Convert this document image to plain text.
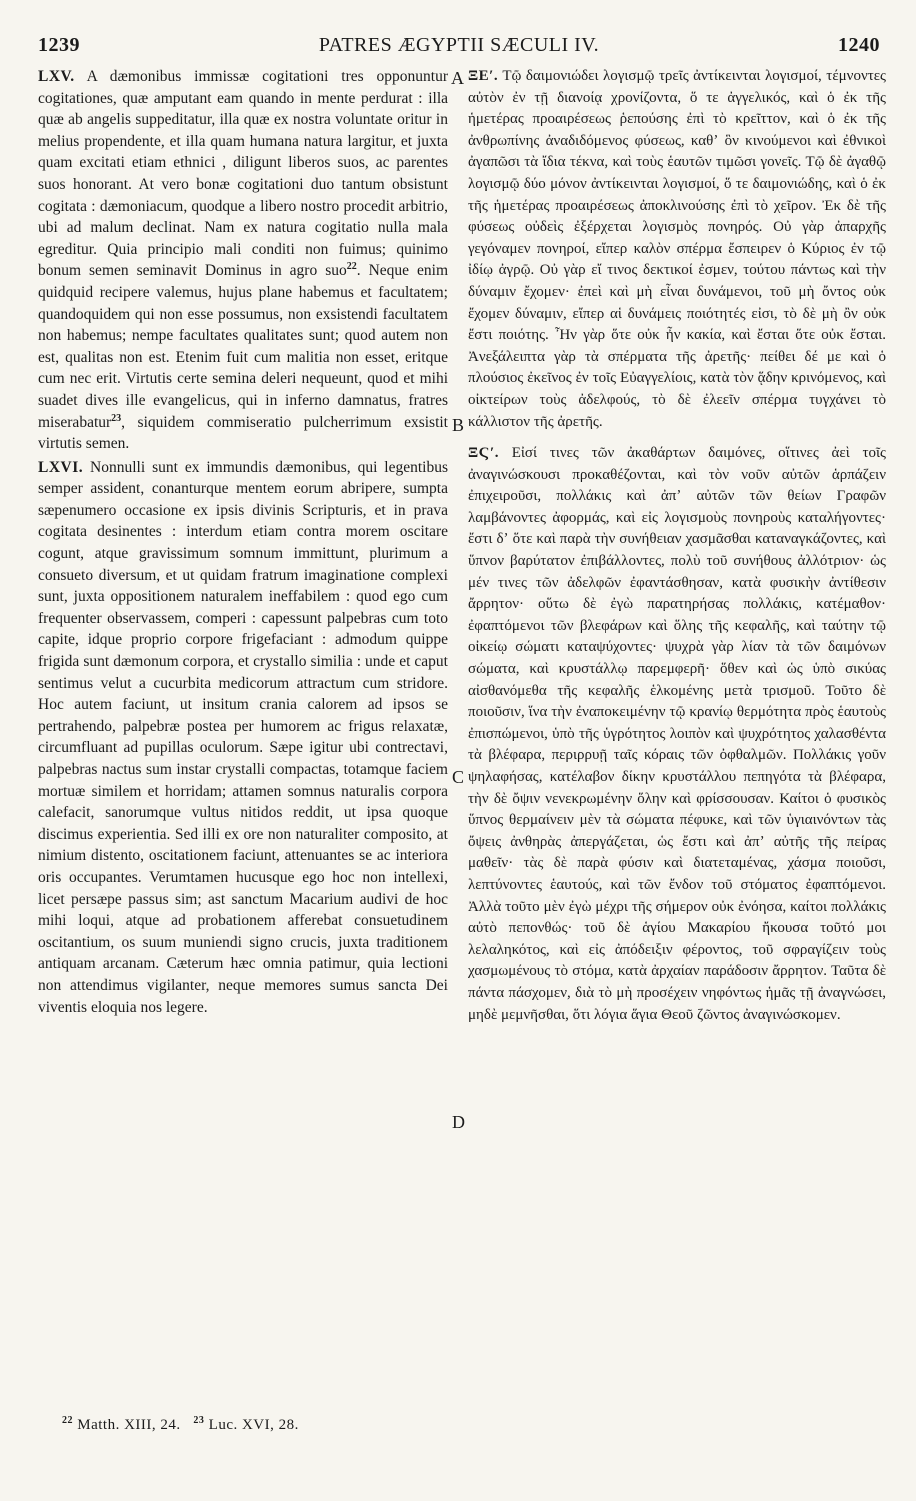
1239	PATRES ÆGYPTII SÆCULI IV.	1240
A
B
C
D

LXV. A dæmonibus immissæ cogitationi tres opponuntur cogitationes, quæ amputant eam quando in mente perdurat : illa quæ ab angelis suppeditatur, illa quæ ex nostra voluntate oritur in melius propendente, et illa quam humana natura largitur, et juxta quam excitati etiam ethnici , diligunt liberos suos, ac parentes suos honorant. At vero bonæ cogitationi duo tantum obsistunt cogitata : dæmoniacum, quodque a libero nostro procedit arbitrio, ubi ad malum declinat. Nam ex natura cogitatio nulla mala egreditur. Quia principio mali conditi non fuimus; quinimo bonum semen seminavit Dominus in agro suo$^{22}$. Neque enim quidquid recipere valemus, hujus plane habemus et facultatem; quandoquidem qui non esse possumus, non exsistendi facultatem non habemus; nempe facultates qualitates sunt; quod autem non est, qualitas non est. Etenim fuit cum malitia non esset, eritque cum nec erit. Virtutis certe semina deleri nequeunt, quod et mihi suadet dives ille evangelicus, qui in inferno damnatus, fratres miserabatur$^{23}$, siquidem commiseratio pulcherrimum exsistit virtutis semen.

LXVI. Nonnulli sunt ex immundis dæmonibus, qui legentibus semper assident, conanturque mentem eorum abripere, sumpta sæpenumero occasione ex ipsis divinis Scripturis, et in prava cogitata desinentes : interdum etiam contra morem oscitare cogunt, atque gravissimum somnum immittunt, plurimum a consueto diversum, et ut quidam fratrum imaginatione complexi sunt, juxta oppositionem naturalem ineffabilem : quod ego cum frequenter observassem, comperi : capessunt palpebras cum toto capite, idque proprio corpore frigefaciant : admodum quippe frigida sunt dæmonum corpora, et crystallo similia : unde et caput sentimus velut a cucurbita medicorum attractum cum stridore. Hoc autem faciunt, ut insitum crania calorem ad ipsos se pertrahendo, palpebræ postea per humorem ac frigus relaxatæ, circumfluant ad pupillas oculorum. Sæpe igitur ubi contrectavi, palpebras nactus sum instar crystalli compactas, totamque faciem mortuæ similem et horridam; attamen somnus naturalis corpora calefacit, sanorumque vultus nitidos reddit, ut ipsa quoque discimus experientia. Sed illi ex ore non naturaliter composito, at nimium distento, oscitationem faciunt, attenuantes se ac interiora oris occupantes. Verumtamen hucusque ego hoc non intellexi, licet persæpe passus sim; ast sanctum Macarium audivi de hoc mihi loqui, atque ad probationem afferebat consuetudinem oscitantium, os suum muniendi signo crucis, juxta traditionem antiquam arcanam. Cæterum hæc omnia patimur, quia lectioni non attendimus vigilanter, neque memores sumus sancta Dei viventis eloquia nos legere.

ΞΕʹ. Τῷ δαιμονιώδει λογισμῷ τρεῖς ἀντίκεινται λογισμοί, τέμνοντες αὐτὸν ἐν τῇ διανοίᾳ χρονίζοντα, ὅ τε ἀγγελικός, καὶ ὁ ἐκ τῆς ἡμετέρας προαιρέσεως ῥεπούσης ἐπὶ τὸ κρεῖττον, καὶ ὁ ἐκ τῆς ἀνθρωπίνης ἀναδιδόμενος φύσεως, καθʼ ὃν κινούμενοι καὶ ἐθνικοὶ ἀγαπῶσι τὰ ἴδια τέκνα, καὶ τοὺς ἑαυτῶν τιμῶσι γονεῖς. Τῷ δὲ ἀγαθῷ λογισμῷ δύο μόνον ἀντίκεινται λογισμοί, ὅ τε δαιμονιώδης, καὶ ὁ ἐκ τῆς ἡμετέρας προαιρέσεως ἀποκλινούσης ἐπὶ τὸ χεῖρον. Ἐκ δὲ τῆς φύσεως οὐδεὶς ἐξέρχεται λογισμὸς πονηρός. Οὐ γὰρ ἀπαρχῆς γεγόναμεν πονηροί, εἴπερ καλὸν σπέρμα ἔσπειρεν ὁ Κύριος ἐν τῷ ἰδίῳ ἀγρῷ. Οὐ γὰρ εἴ τινος δεκτικοί ἐσμεν, τούτου πάντως καὶ τὴν δύναμιν ἔχομεν· ἐπεὶ καὶ μὴ εἶναι δυνάμενοι, τοῦ μὴ ὄντος οὐκ ἔχομεν δύναμιν, εἴπερ αἱ δυνάμεις ποιότητές εἰσι, τὸ δὲ μὴ ὂν οὐκ ἔστι ποιότης. Ἦν γὰρ ὅτε οὐκ ἦν κακία, καὶ ἔσται ὅτε οὐκ ἔσται. Ἀνεξάλειπτα γὰρ τὰ σπέρματα τῆς ἀρετῆς· πείθει δέ με καὶ ὁ πλούσιος ἐκεῖνος ἐν τοῖς Εὐαγγελίοις, κατὰ τὸν ᾅδην κρινόμενος, καὶ οἰκτείρων τοὺς ἀδελφούς, τὸ δὲ ἐλεεῖν σπέρμα τυγχάνει τὸ κάλλιστον τῆς ἀρετῆς.

ΞϚʹ. Εἰσί τινες τῶν ἀκαθάρτων δαιμόνες, οἵτινες ἀεὶ τοῖς ἀναγινώσκουσι προκαθέζονται, καὶ τὸν νοῦν αὐτῶν ἁρπάζειν ἐπιχειροῦσι, πολλάκις καὶ ἀπʼ αὐτῶν τῶν θείων Γραφῶν λαμβάνοντες ἀφορμάς, καὶ εἰς λογισμοὺς πονηροὺς καταλήγοντες· ἔστι δʼ ὅτε καὶ παρὰ τὴν συνήθειαν χασμᾶσθαι καταναγκάζοντες, καὶ ὕπνον βαρύτατον ἐπιβάλλοντες, πολὺ τοῦ συνήθους ἀλλότριον· ὡς μέν τινες τῶν ἀδελφῶν ἐφαντάσθησαν, κατὰ φυσικὴν ἀντίθεσιν ἄρρητον· οὕτω δὲ ἐγὼ παρατηρήσας πολλάκις, κατέμαθον· ἐφαπτόμενοι τῶν βλεφάρων καὶ ὅλης τῆς κεφαλῆς, καὶ ταύτην τῷ οἰκείῳ σώματι καταψύχοντες· ψυχρὰ γὰρ λίαν τὰ τῶν δαιμόνων σώματα, καὶ κρυστάλλῳ παρεμφερῆ· ὅθεν καὶ ὡς ὑπὸ σικύας αἰσθανόμεθα τῆς κεφαλῆς ἑλκομένης μετὰ τρισμοῦ. Τοῦτο δὲ ποιοῦσιν, ἵνα τὴν ἐναποκειμένην τῷ κρανίῳ θερμότητα πρὸς ἑαυτοὺς ἐπισπώμενοι, ὑπὸ τῆς ὑγρότητος λοιπὸν καὶ ψυχρότητος χαλασθέντα τὰ βλέφαρα, περιρρυῇ ταῖς κόραις τῶν ὀφθαλμῶν. Πολλάκις γοῦν ψηλαφήσας, κατέλαβον δίκην κρυστάλλου πεπηγότα τὰ βλέφαρα, τὴν δὲ ὄψιν νενεκρωμένην ὅλην καὶ φρίσσουσαν. Καίτοι ὁ φυσικὸς ὕπνος θερμαίνειν μὲν τὰ σώματα πέφυκε, καὶ τῶν ὑγιαινόντων τὰς ὄψεις ἀνθηρὰς ἀπεργάζεται, ὡς ἔστι καὶ ἀπʼ αὐτῆς τῆς πείρας μαθεῖν· τὰς δὲ παρὰ φύσιν καὶ διατεταμένας, χάσμα ποιοῦσι, λεπτύνοντες ἑαυτούς, καὶ τῶν ἔνδον τοῦ στόματος ἐφαπτόμενοι. Ἀλλὰ τοῦτο μὲν ἐγὼ μέχρι τῆς σήμερον οὐκ ἐνόησα, καίτοι πολλάκις αὐτὸ πεπονθώς· τοῦ δὲ ἁγίου Μακαρίου ἤκουσα τοῦτό μοι λελαληκότος, καὶ εἰς ἀπόδειξιν φέροντος, τοῦ σφραγίζειν τοὺς χασμωμένους τὸ στόμα, κατὰ ἀρχαίαν παράδοσιν ἄρρητον. Ταῦτα δὲ πάντα πάσχομεν, διὰ τὸ μὴ προσέχειν νηφόντως ἡμᾶς τῇ ἀναγνώσει, μηδὲ μεμνῆσθαι, ὅτι λόγια ἅγια Θεοῦ ζῶντος ἀναγινώσκομεν.

$^{22}$ Matth. XIII, 24. $^{23}$ Luc. XVI, 28.
